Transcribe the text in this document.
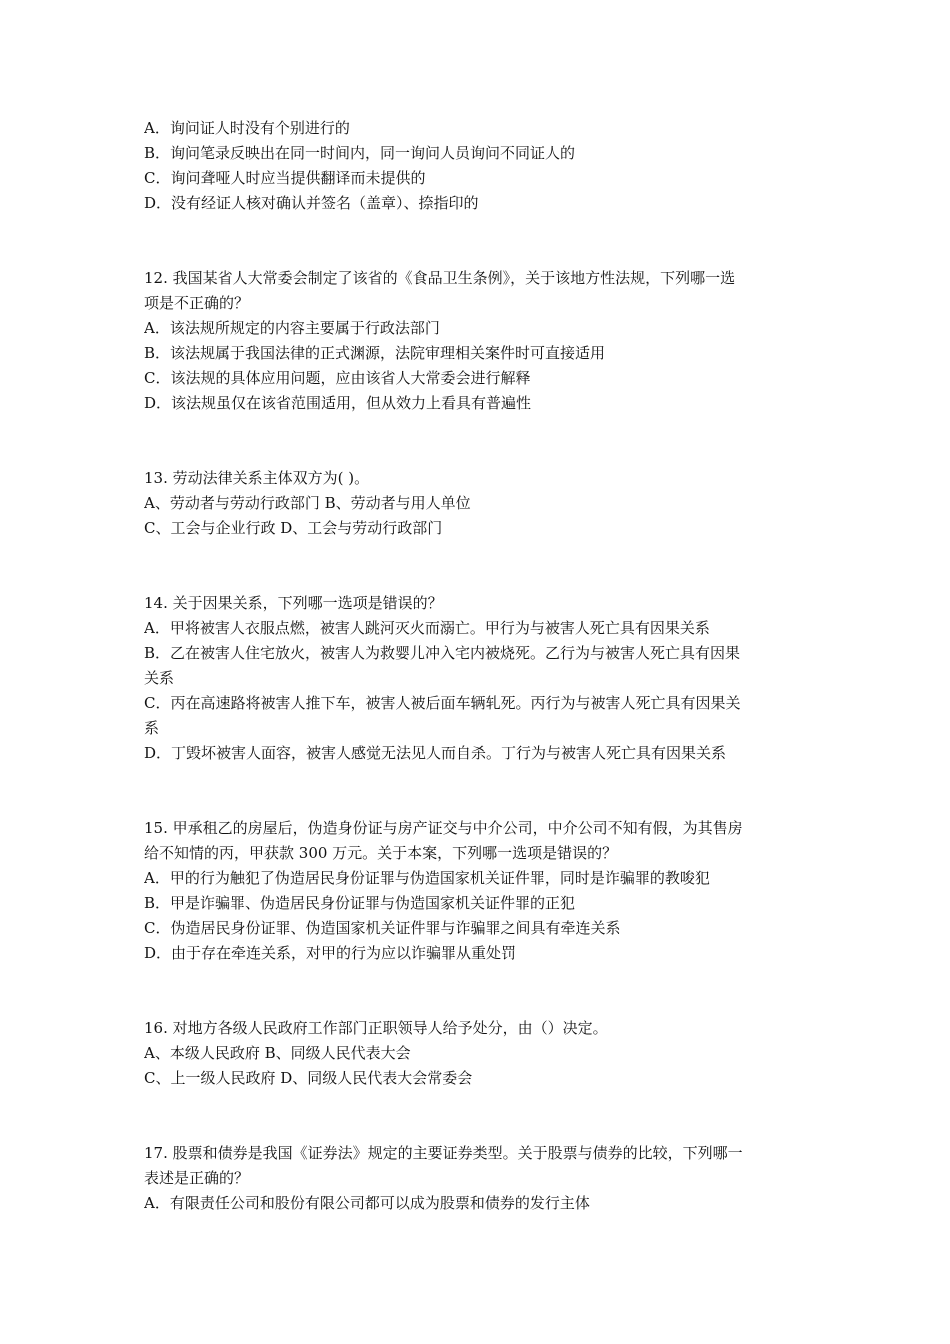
A．询问证人时没有个别进行的
B．询问笔录反映出在同一时间内，同一询问人员询问不同证人的
C．询问聋哑人时应当提供翻译而未提供的
D．没有经证人核对确认并签名（盖章）、捺指印的
12. 我国某省人大常委会制定了该省的《食品卫生条例》，关于该地方性法规，下列哪一选
项是不正确的？
A．该法规所规定的内容主要属于行政法部门
B．该法规属于我国法律的正式渊源，法院审理相关案件时可直接适用
C．该法规的具体应用问题，应由该省人大常委会进行解释
D．该法规虽仅在该省范围适用，但从效力上看具有普遍性
13. 劳动法律关系主体双方为( )。
A、劳动者与劳动行政部门 B、劳动者与用人单位
C、工会与企业行政 D、工会与劳动行政部门
14. 关于因果关系，下列哪一选项是错误的？
A．甲将被害人衣服点燃，被害人跳河灭火而溺亡。甲行为与被害人死亡具有因果关系
B．乙在被害人住宅放火，被害人为救婴儿冲入宅内被烧死。乙行为与被害人死亡具有因果
关系
C．丙在高速路将被害人推下车，被害人被后面车辆轧死。丙行为与被害人死亡具有因果关
系
D．丁毁坏被害人面容，被害人感觉无法见人而自杀。丁行为与被害人死亡具有因果关系
15. 甲承租乙的房屋后，伪造身份证与房产证交与中介公司，中介公司不知有假，为其售房
给不知情的丙，甲获款 300 万元。关于本案，下列哪一选项是错误的？
A．甲的行为触犯了伪造居民身份证罪与伪造国家机关证件罪，同时是诈骗罪的教唆犯
B．甲是诈骗罪、伪造居民身份证罪与伪造国家机关证件罪的正犯
C．伪造居民身份证罪、伪造国家机关证件罪与诈骗罪之间具有牵连关系
D．由于存在牵连关系，对甲的行为应以诈骗罪从重处罚
16. 对地方各级人民政府工作部门正职领导人给予处分，由（）决定。
A、本级人民政府 B、同级人民代表大会
C、上一级人民政府 D、同级人民代表大会常委会
17. 股票和债券是我国《证券法》规定的主要证券类型。关于股票与债券的比较，下列哪一
表述是正确的？
A．有限责任公司和股份有限公司都可以成为股票和债券的发行主体
